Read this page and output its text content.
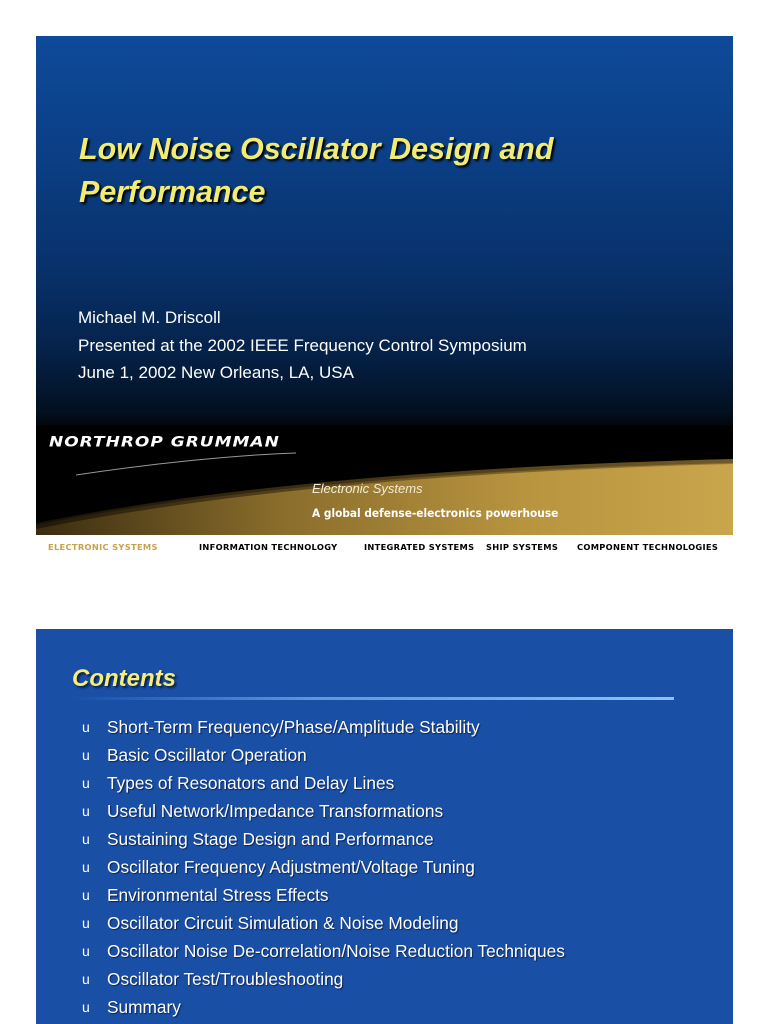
Low Noise Oscillator Design and Performance

Michael M. Driscoll

Presented at the 2002 IEEE Frequency Control Symposium

June 1, 2002 New Orleans, LA, USA

NORTHROP GRUMMAN

Electronic Systems

A global defense-electronics powerhouse

ELECTRONIC SYSTEMS	INFORMATION TECHNOLOGY	INTEGRATED SYSTEMS SHIP SYSTEMS COMPONENT TECHNOLOGIES
Contents
u Short-Term Frequency/Phase/Amplitude Stability
u Basic Oscillator Operation
u Types of Resonators and Delay Lines
u Useful Network/Impedance Transformations
u Sustaining Stage Design and Performance
u Oscillator Frequency Adjustment/Voltage Tuning
u Environmental Stress Effects
u Oscillator Circuit Simulation & Noise Modeling
u Oscillator Noise De-correlation/Noise Reduction Techniques
u Oscillator Test/Troubleshooting
u Summary
